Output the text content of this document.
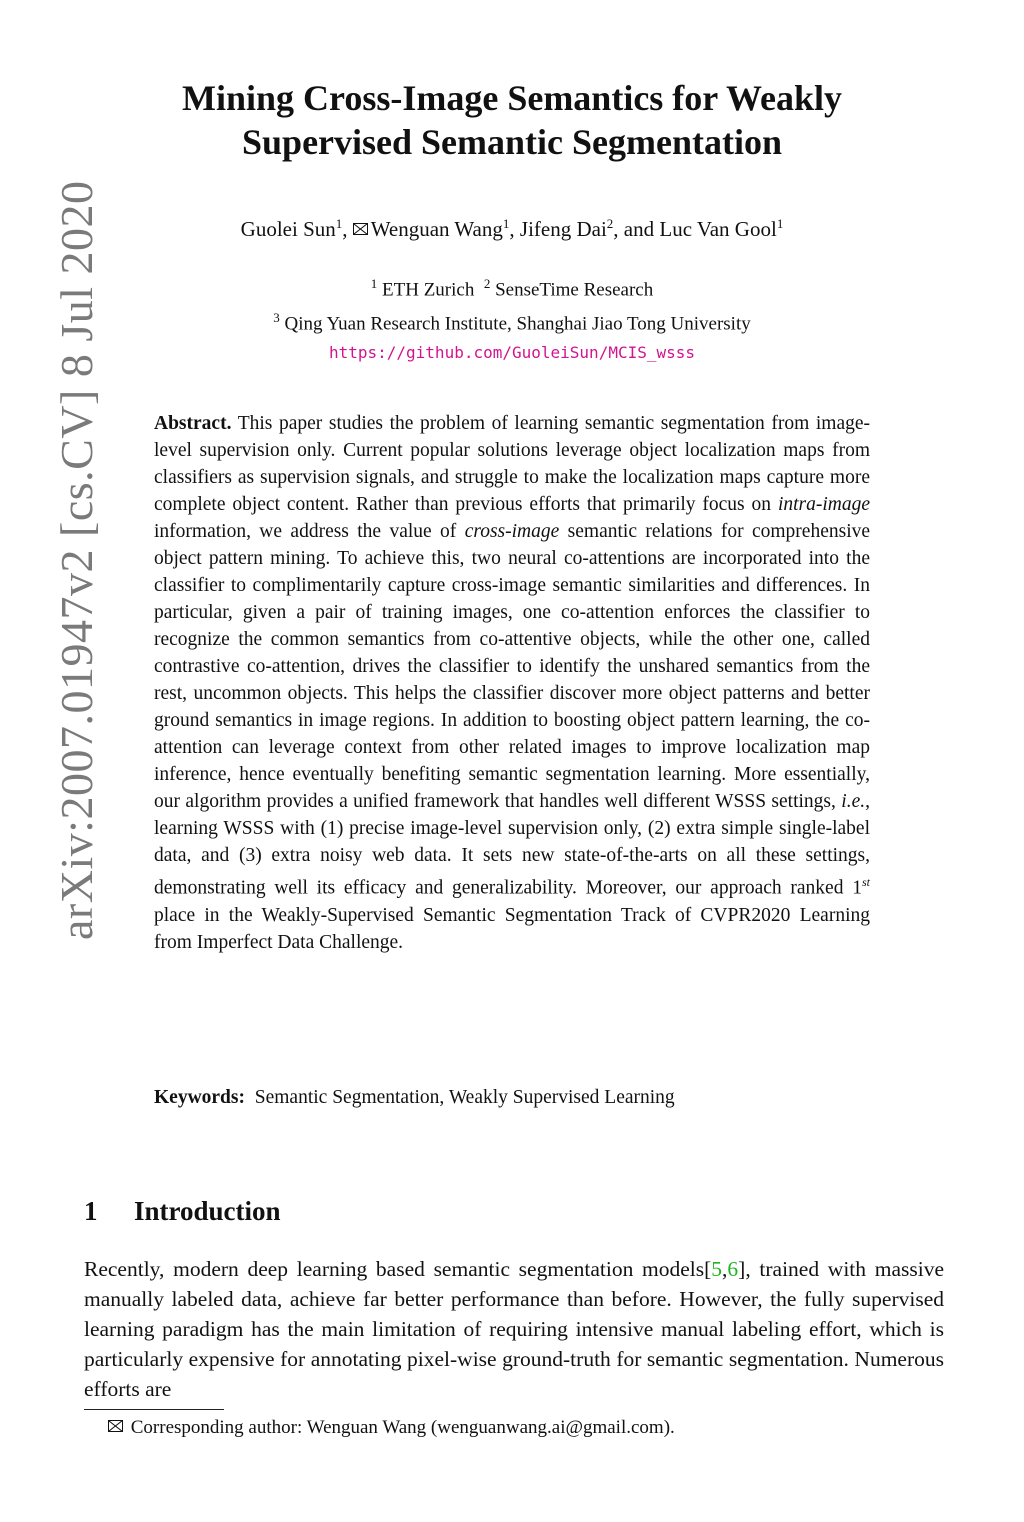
arXiv:2007.01947v2 [cs.CV] 8 Jul 2020
Mining Cross-Image Semantics for Weakly
Supervised Semantic Segmentation
Guolei Sun$^1$, Wenguan Wang$^1$, Jifeng Dai$^2$, and Luc Van Gool$^1$
$^1$ ETH Zurich $^2$ SenseTime Research
$^3$ Qing Yuan Research Institute, Shanghai Jiao Tong University
https://github.com/GuoleiSun/MCIS_wsss
Abstract. This paper studies the problem of learning semantic segmentation from image-level supervision only. Current popular solutions leverage object localization maps from classifiers as supervision signals, and struggle to make the localization maps capture more complete object content. Rather than previous efforts that primarily focus on intra-image information, we address the value of cross-image semantic relations for comprehensive object pattern mining. To achieve this, two neural co-attentions are incorporated into the classifier to complimentarily capture cross-image semantic similarities and differences. In particular, given a pair of training images, one co-attention enforces the classifier to recognize the common semantics from co-attentive objects, while the other one, called contrastive co-attention, drives the classifier to identify the unshared semantics from the rest, uncommon objects. This helps the classifier discover more object patterns and better ground semantics in image regions. In addition to boosting object pattern learning, the co-attention can leverage context from other related images to improve localization map inference, hence eventually benefiting semantic segmentation learning. More essentially, our algorithm provides a unified framework that handles well different WSSS settings, i.e., learning WSSS with (1) precise image-level supervision only, (2) extra simple single-label data, and (3) extra noisy web data. It sets new state-of-the-arts on all these settings, demonstrating well its efficacy and generalizability. Moreover, our approach ranked 1st place in the Weakly-Supervised Semantic Segmentation Track of CVPR2020 Learning from Imperfect Data Challenge.
Keywords: Semantic Segmentation, Weakly Supervised Learning
1 Introduction
Recently, modern deep learning based semantic segmentation models[5,6], trained with massive manually labeled data, achieve far better performance than before. However, the fully supervised learning paradigm has the main limitation of requiring intensive manual labeling effort, which is particularly expensive for annotating pixel-wise ground-truth for semantic segmentation. Numerous efforts are
Corresponding author: Wenguan Wang (wenguanwang.ai@gmail.com).
